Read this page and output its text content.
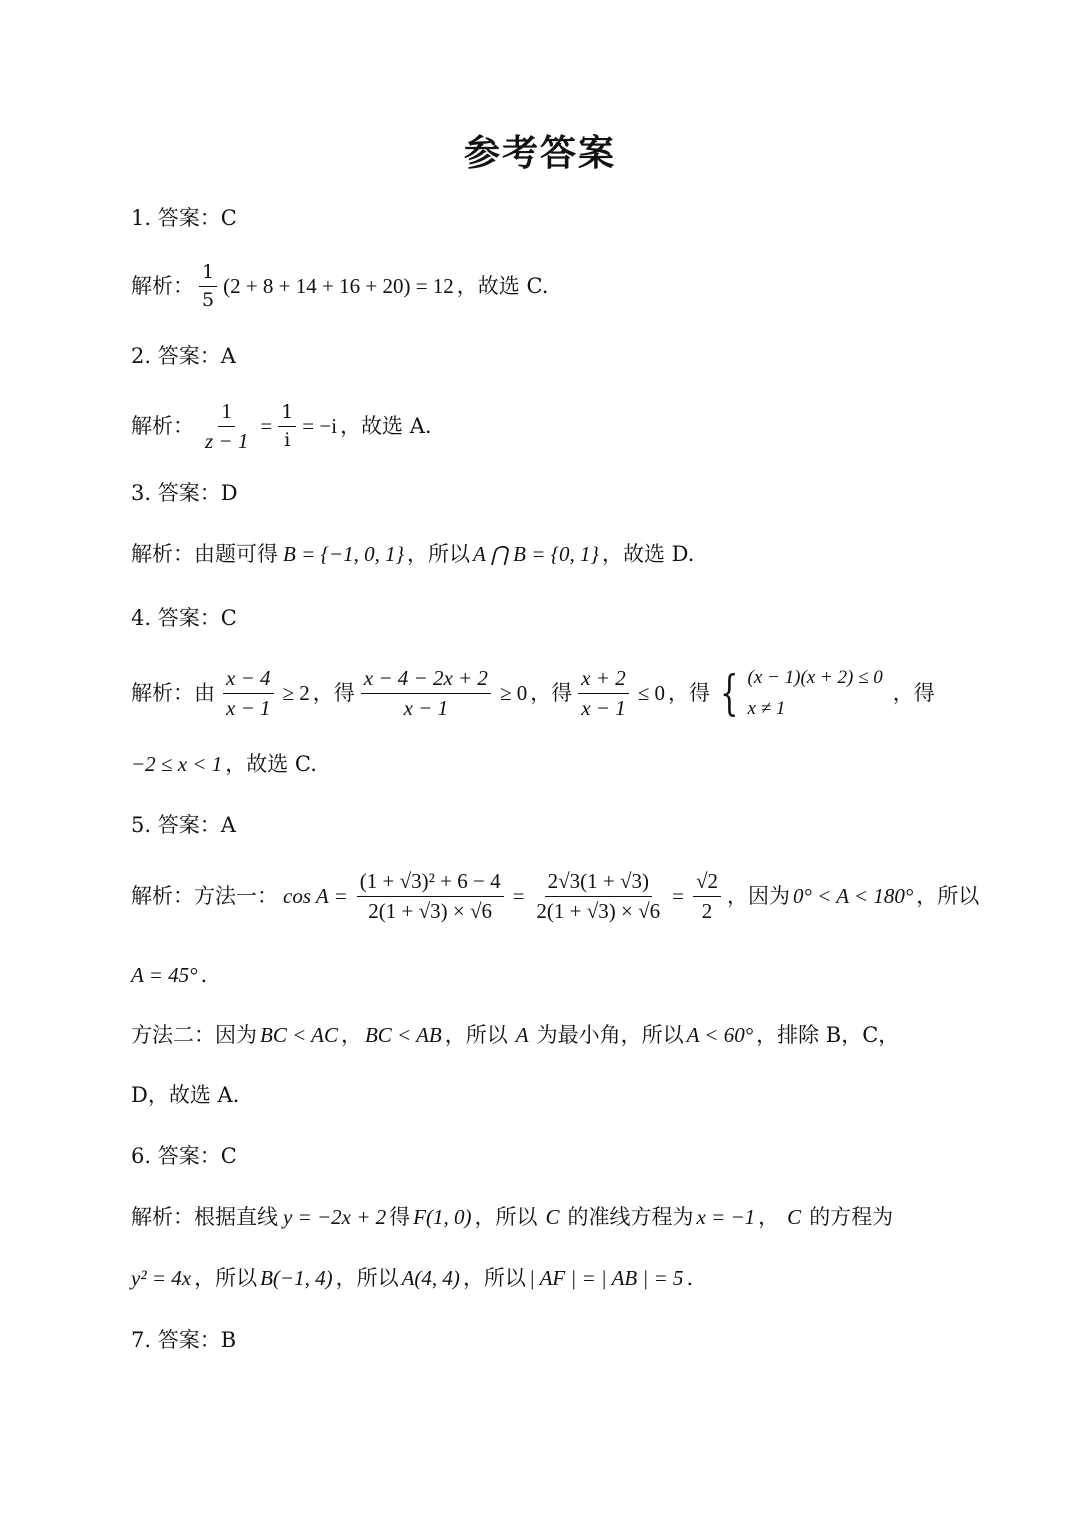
参考答案
1. 答案：C
解析： $\frac{1}{5} (2 + 8 + 14 + 16 + 20) = 12$ ，故选 C.
2. 答案：A
解析： $\frac{1}{z - 1} = \frac{1}{i} = -i$ ，故选 A.
3. 答案：D
解析：由题可得 B = {−1, 0, 1} ，所以 A ⋂ B = {0, 1} ，故选 D.
4. 答案：C
解析：由 $\frac{x - 4}{x - 1} \ge 2$ ，得 $\frac{x - 4 - 2x + 2}{x - 1} \ge 0$ ，得 $\frac{x + 2}{x - 1} \le 0$ ，得 { (x − 1)(x + 2) ≤ 0
x ≠ 1
，得
−2 ≤ x < 1 ，故选 C.
5. 答案：A
解析：方法一： $\cos A = \frac{\text{(1 + √3)² + 6 − 4}}{2(1 + √3) \times √6} = \frac{2√3(1 + √3)}{2(1 + √3) \times √6} = \frac{√2}{2}$ ，因为 0° < A < 180° ，所以
A = 45° .
方法二：因为 BC < AC ， BC < AB ，所以 A 为最小角，所以 A < 60° ，排除 B，C，
D，故选 A.
6. 答案：C
解析：根据直线 y = −2x + 2 得 F(1, 0) ，所以 C 的准线方程为 x = −1 ， C 的方程为
y² = 4x ，所以 B(−1, 4) ，所以 A(4, 4) ，所以 | AF | = | AB | = 5 .
7. 答案：B
